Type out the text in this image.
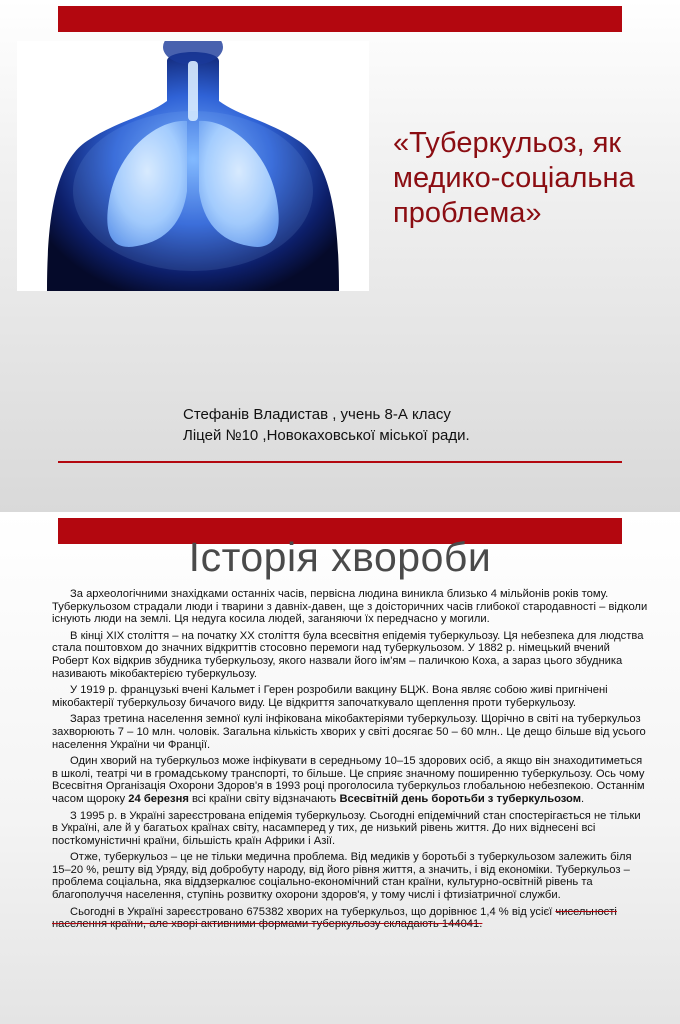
«Туберкульоз, як медико-соціальна проблема»
Стефанів Владистав , учень 8-А класу
Ліцей №10 ,Новокаховської міської ради.
Історія хвороби

За археологічними знахідками останніх часів, первісна людина виникла близько 4 мільйонів років тому. Туберкульозом страдали люди і тварини з давніх-давен, ще з доісторичних часів глибокої стародавності – відколи існують люди на землі. Ця недуга косила людей, заганяючи їх передчасно у могили.

В кінці XIX століття – на початку XX століття була всесвітня епідемія туберкульозу. Ця небезпека для людства стала поштовхом до значних відкриттів стосовно перемоги над туберкульозом. У 1882 р. німецький вчений Роберт Кох відкрив збудника туберкульозу, якого назвали його ім'ям – паличкою Коха, а зараз цього збудника називають мікобактерією туберкульозу.

У 1919 р. французькі вчені Кальмет і Герен розробили вакцину БЦЖ. Вона являє собою живі пригнічені мікобактерії туберкульозу бичачого виду. Це відкриття започаткувало щеплення проти туберкульозу.

Зараз третина населення земної кулі інфікована мікобактеріями туберкульозу. Щорічно в світі на туберкульоз захворюють 7 – 10 млн. чоловік. Загальна кількість хворих у світі досягає 50 – 60 млн.. Це дещо більше від усього населення України чи Франції.

Один хворий на туберкульоз може інфікувати в середньому 10–15 здорових осіб, а якщо він знаходитиметься в школі, театрі чи в громадському транспорті, то більше. Це сприяє значному поширенню туберкульозу. Ось чому Всесвітня Організація Охорони Здоров'я в 1993 році проголосила туберкульоз глобальною небезпекою. Останнім часом щороку 24 березня всі країни світу відзначають Всесвітній день боротьби з туберкульозом.

З 1995 р. в Україні зареєстрована епідемія туберкульозу. Сьогодні епідемічний стан спостерігається не тільки в Україні, але й у багатьох країнах світу, насамперед у тих, де низький рівень життя. До них віднесені всі постkомуністичні країни, більшість країн Африки і Азії.

Отже, туберкульоз – це не тільки медична проблема. Від медиків у боротьбі з туберкульозом залежить біля 15–20 %, решту від Уряду, від добробуту народу, від його рівня життя, а значить, і від економіки. Туберкульоз – проблема соціальна, яка віддзеркалює соціально-економічний стан країни, культурно-освітній рівень та благополуччя населення, ступінь розвитку охорони здоров'я, у тому числі і фтизіатричної служби.

Сьогодні в Україні зареєстровано 675382 хворих на туберкульоз, що дорівнює 1,4 % від усієї чисельності населення країни, але хворі активними формами туберкульозу складають 144041.
